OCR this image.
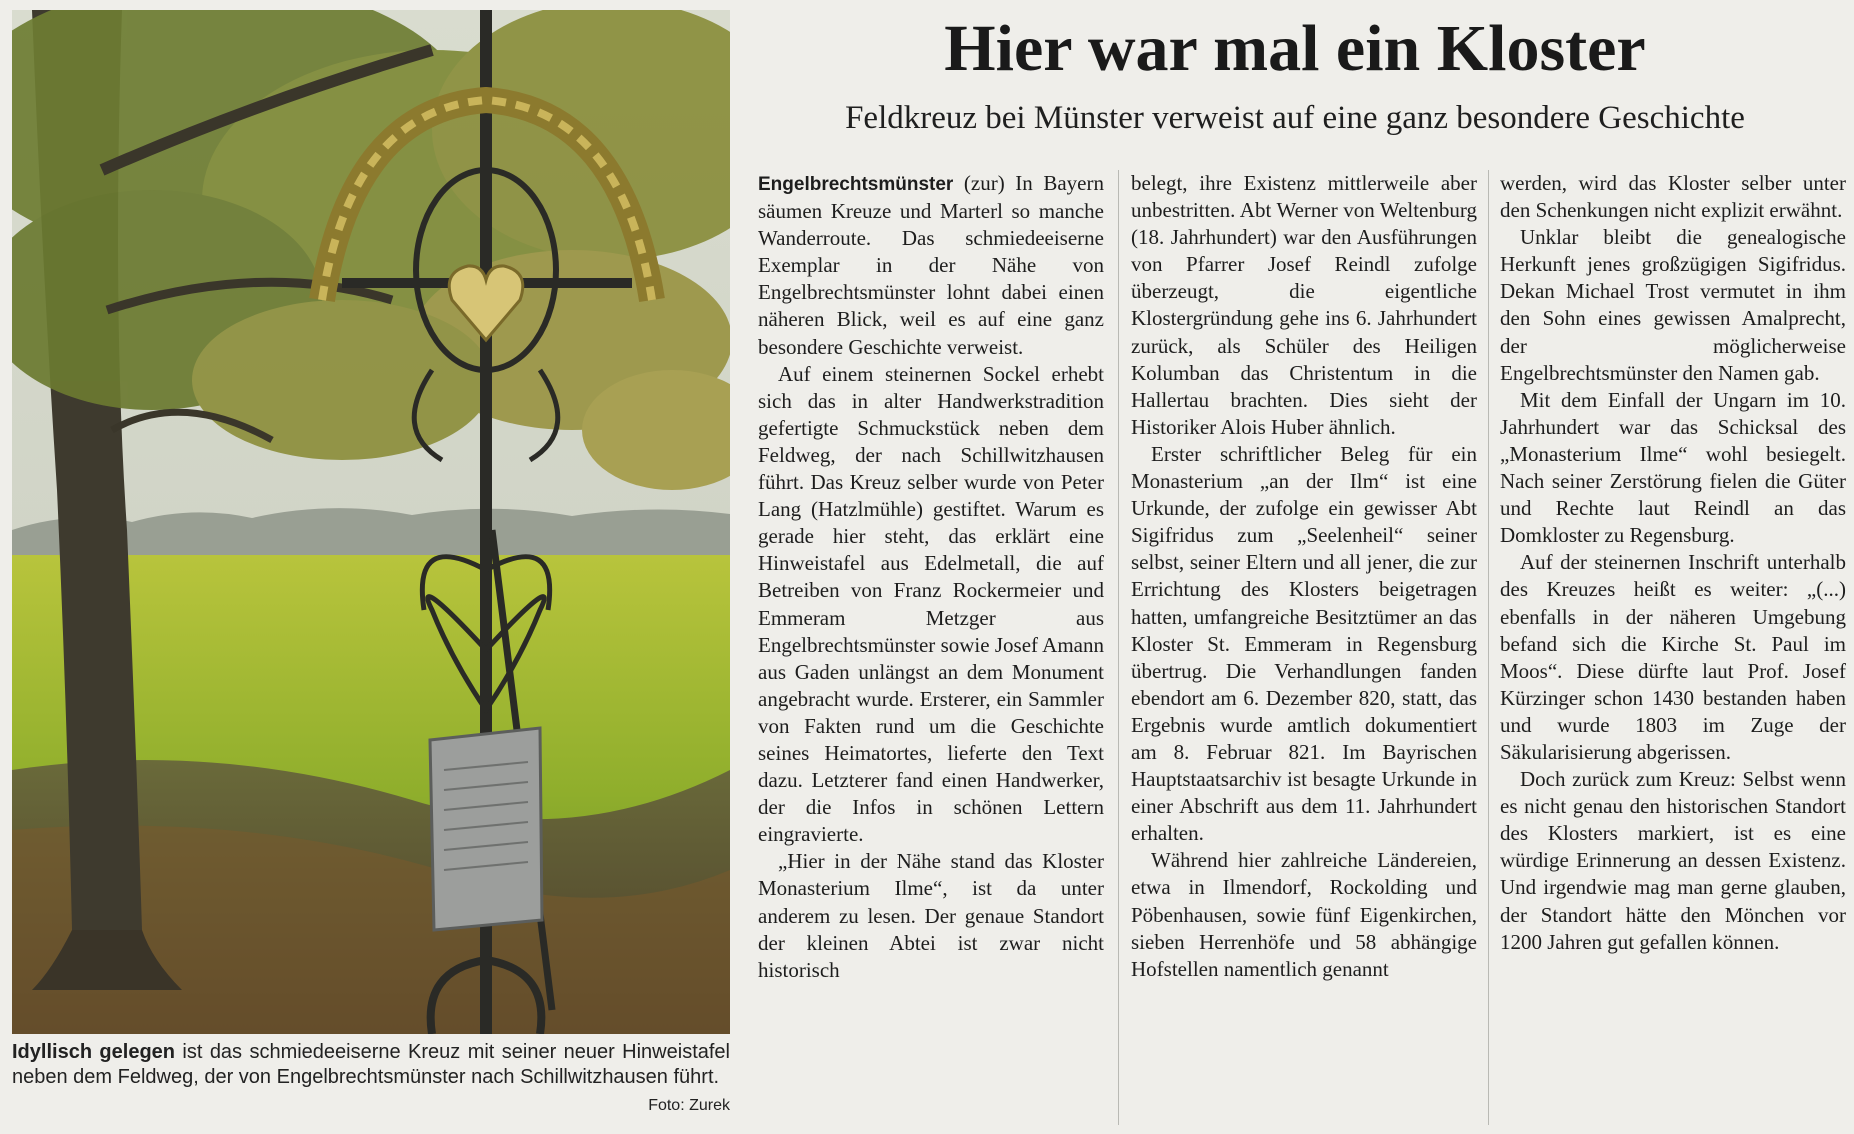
Idyllisch gelegen ist das schmiedeeiserne Kreuz mit seiner neuer Hinweistafel neben dem Feldweg, der von Engelbrechtsmünster nach Schillwitzhausen führt.
Foto: Zurek
Hier war mal ein Kloster
Feldkreuz bei Münster verweist auf eine ganz besondere Geschichte

Engelbrechtsmünster (zur) In Bayern säumen Kreuze und Marterl so manche Wanderroute. Das schmiedeeiserne Exemplar in der Nähe von Engelbrechtsmünster lohnt dabei einen näheren Blick, weil es auf eine ganz besondere Geschichte verweist.

Auf einem steinernen Sockel erhebt sich das in alter Handwerkstradition gefertigte Schmuckstück neben dem Feldweg, der nach Schillwitzhausen führt. Das Kreuz selber wurde von Peter Lang (Hatzlmühle) gestiftet. Warum es gerade hier steht, das erklärt eine Hinweistafel aus Edelmetall, die auf Betreiben von Franz Rockermeier und Emmeram Metzger aus Engelbrechtsmünster sowie Josef Amann aus Gaden unlängst an dem Monument angebracht wurde. Ersterer, ein Sammler von Fakten rund um die Geschichte seines Heimatortes, lieferte den Text dazu. Letzterer fand einen Handwerker, der die Infos in schönen Lettern eingravierte.

„Hier in der Nähe stand das Kloster Monasterium Ilme“, ist da unter anderem zu lesen. Der genaue Standort der kleinen Abtei ist zwar nicht historisch

belegt, ihre Existenz mittlerweile aber unbestritten. Abt Werner von Weltenburg (18. Jahrhundert) war den Ausführungen von Pfarrer Josef Reindl zufolge überzeugt, die eigentliche Klostergründung gehe ins 6. Jahrhundert zurück, als Schüler des Heiligen Kolumban das Christentum in die Hallertau brachten. Dies sieht der Historiker Alois Huber ähnlich.

Erster schriftlicher Beleg für ein Monasterium „an der Ilm“ ist eine Urkunde, der zufolge ein gewisser Abt Sigifridus zum „Seelenheil“ seiner selbst, seiner Eltern und all jener, die zur Errichtung des Klosters beigetragen hatten, umfangreiche Besitztümer an das Kloster St. Emmeram in Regensburg übertrug. Die Verhandlungen fanden ebendort am 6. Dezember 820, statt, das Ergebnis wurde amtlich dokumentiert am 8. Februar 821. Im Bayrischen Hauptstaatsarchiv ist besagte Urkunde in einer Abschrift aus dem 11. Jahrhundert erhalten.

Während hier zahlreiche Ländereien, etwa in Ilmendorf, Rockolding und Pöbenhausen, sowie fünf Eigenkirchen, sieben Herrenhöfe und 58 abhängige Hofstellen namentlich genannt

werden, wird das Kloster selber unter den Schenkungen nicht explizit erwähnt.

Unklar bleibt die genealogische Herkunft jenes großzügigen Sigifridus. Dekan Michael Trost vermutet in ihm den Sohn eines gewissen Amalprecht, der möglicherweise Engelbrechtsmünster den Namen gab.

Mit dem Einfall der Ungarn im 10. Jahrhundert war das Schicksal des „Monasterium Ilme“ wohl besiegelt. Nach seiner Zerstörung fielen die Güter und Rechte laut Reindl an das Domkloster zu Regensburg.

Auf der steinernen Inschrift unterhalb des Kreuzes heißt es weiter: „(...) ebenfalls in der näheren Umgebung befand sich die Kirche St. Paul im Moos“. Diese dürfte laut Prof. Josef Kürzinger schon 1430 bestanden haben und wurde 1803 im Zuge der Säkularisierung abgerissen.

Doch zurück zum Kreuz: Selbst wenn es nicht genau den historischen Standort des Klosters markiert, ist es eine würdige Erinnerung an dessen Existenz. Und irgendwie mag man gerne glauben, der Standort hätte den Mönchen vor 1200 Jahren gut gefallen können.
